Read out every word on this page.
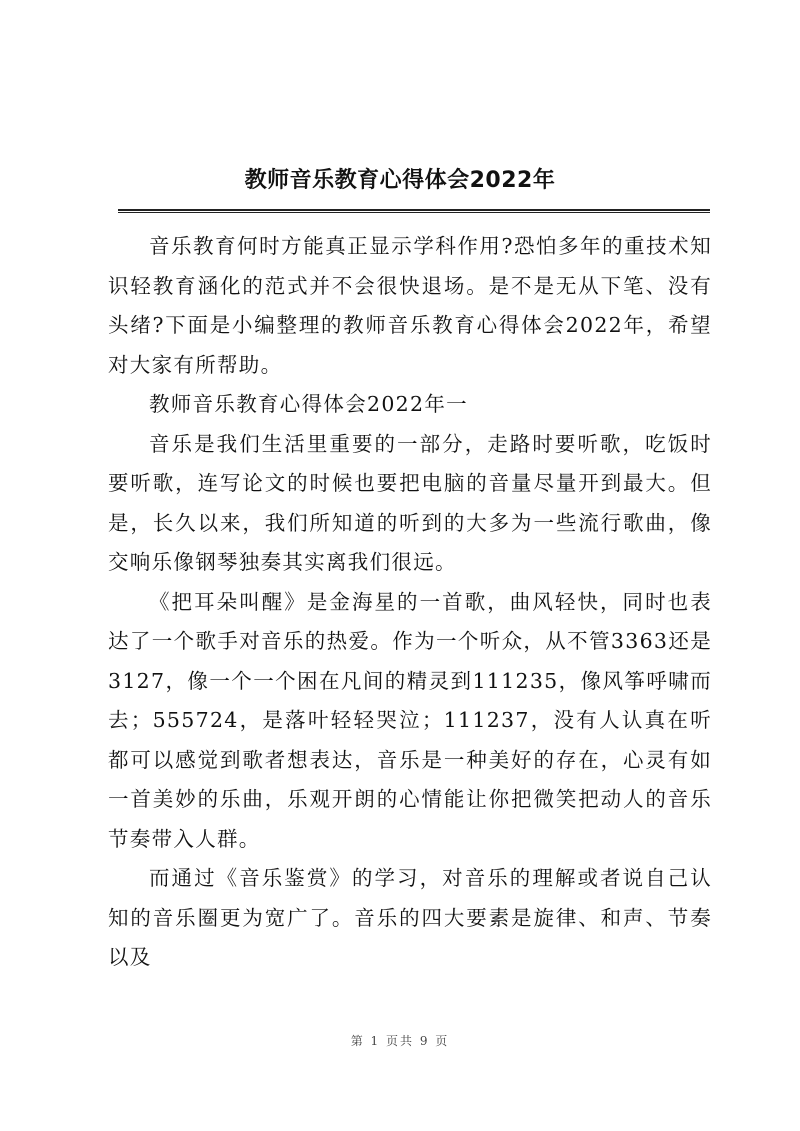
教师音乐教育心得体会2022年

音乐教育何时方能真正显示学科作用?恐怕多年的重技术知识轻教育涵化的范式并不会很快退场。是不是无从下笔、没有头绪?下面是小编整理的教师音乐教育心得体会2022年，希望对大家有所帮助。

教师音乐教育心得体会2022年一

音乐是我们生活里重要的一部分，走路时要听歌，吃饭时要听歌，连写论文的时候也要把电脑的音量尽量开到最大。但是，长久以来，我们所知道的听到的大多为一些流行歌曲，像交响乐像钢琴独奏其实离我们很远。

《把耳朵叫醒》是金海星的一首歌，曲风轻快，同时也表达了一个歌手对音乐的热爱。作为一个听众，从不管3363还是3127，像一个一个困在凡间的精灵到111235，像风筝呼啸而去；555724，是落叶轻轻哭泣；111237，没有人认真在听都可以感觉到歌者想表达，音乐是一种美好的存在，心灵有如一首美妙的乐曲，乐观开朗的心情能让你把微笑把动人的音乐节奏带入人群。

而通过《音乐鉴赏》的学习，对音乐的理解或者说自己认知的音乐圈更为宽广了。音乐的四大要素是旋律、和声、节奏以及

第 1 页共 9 页
